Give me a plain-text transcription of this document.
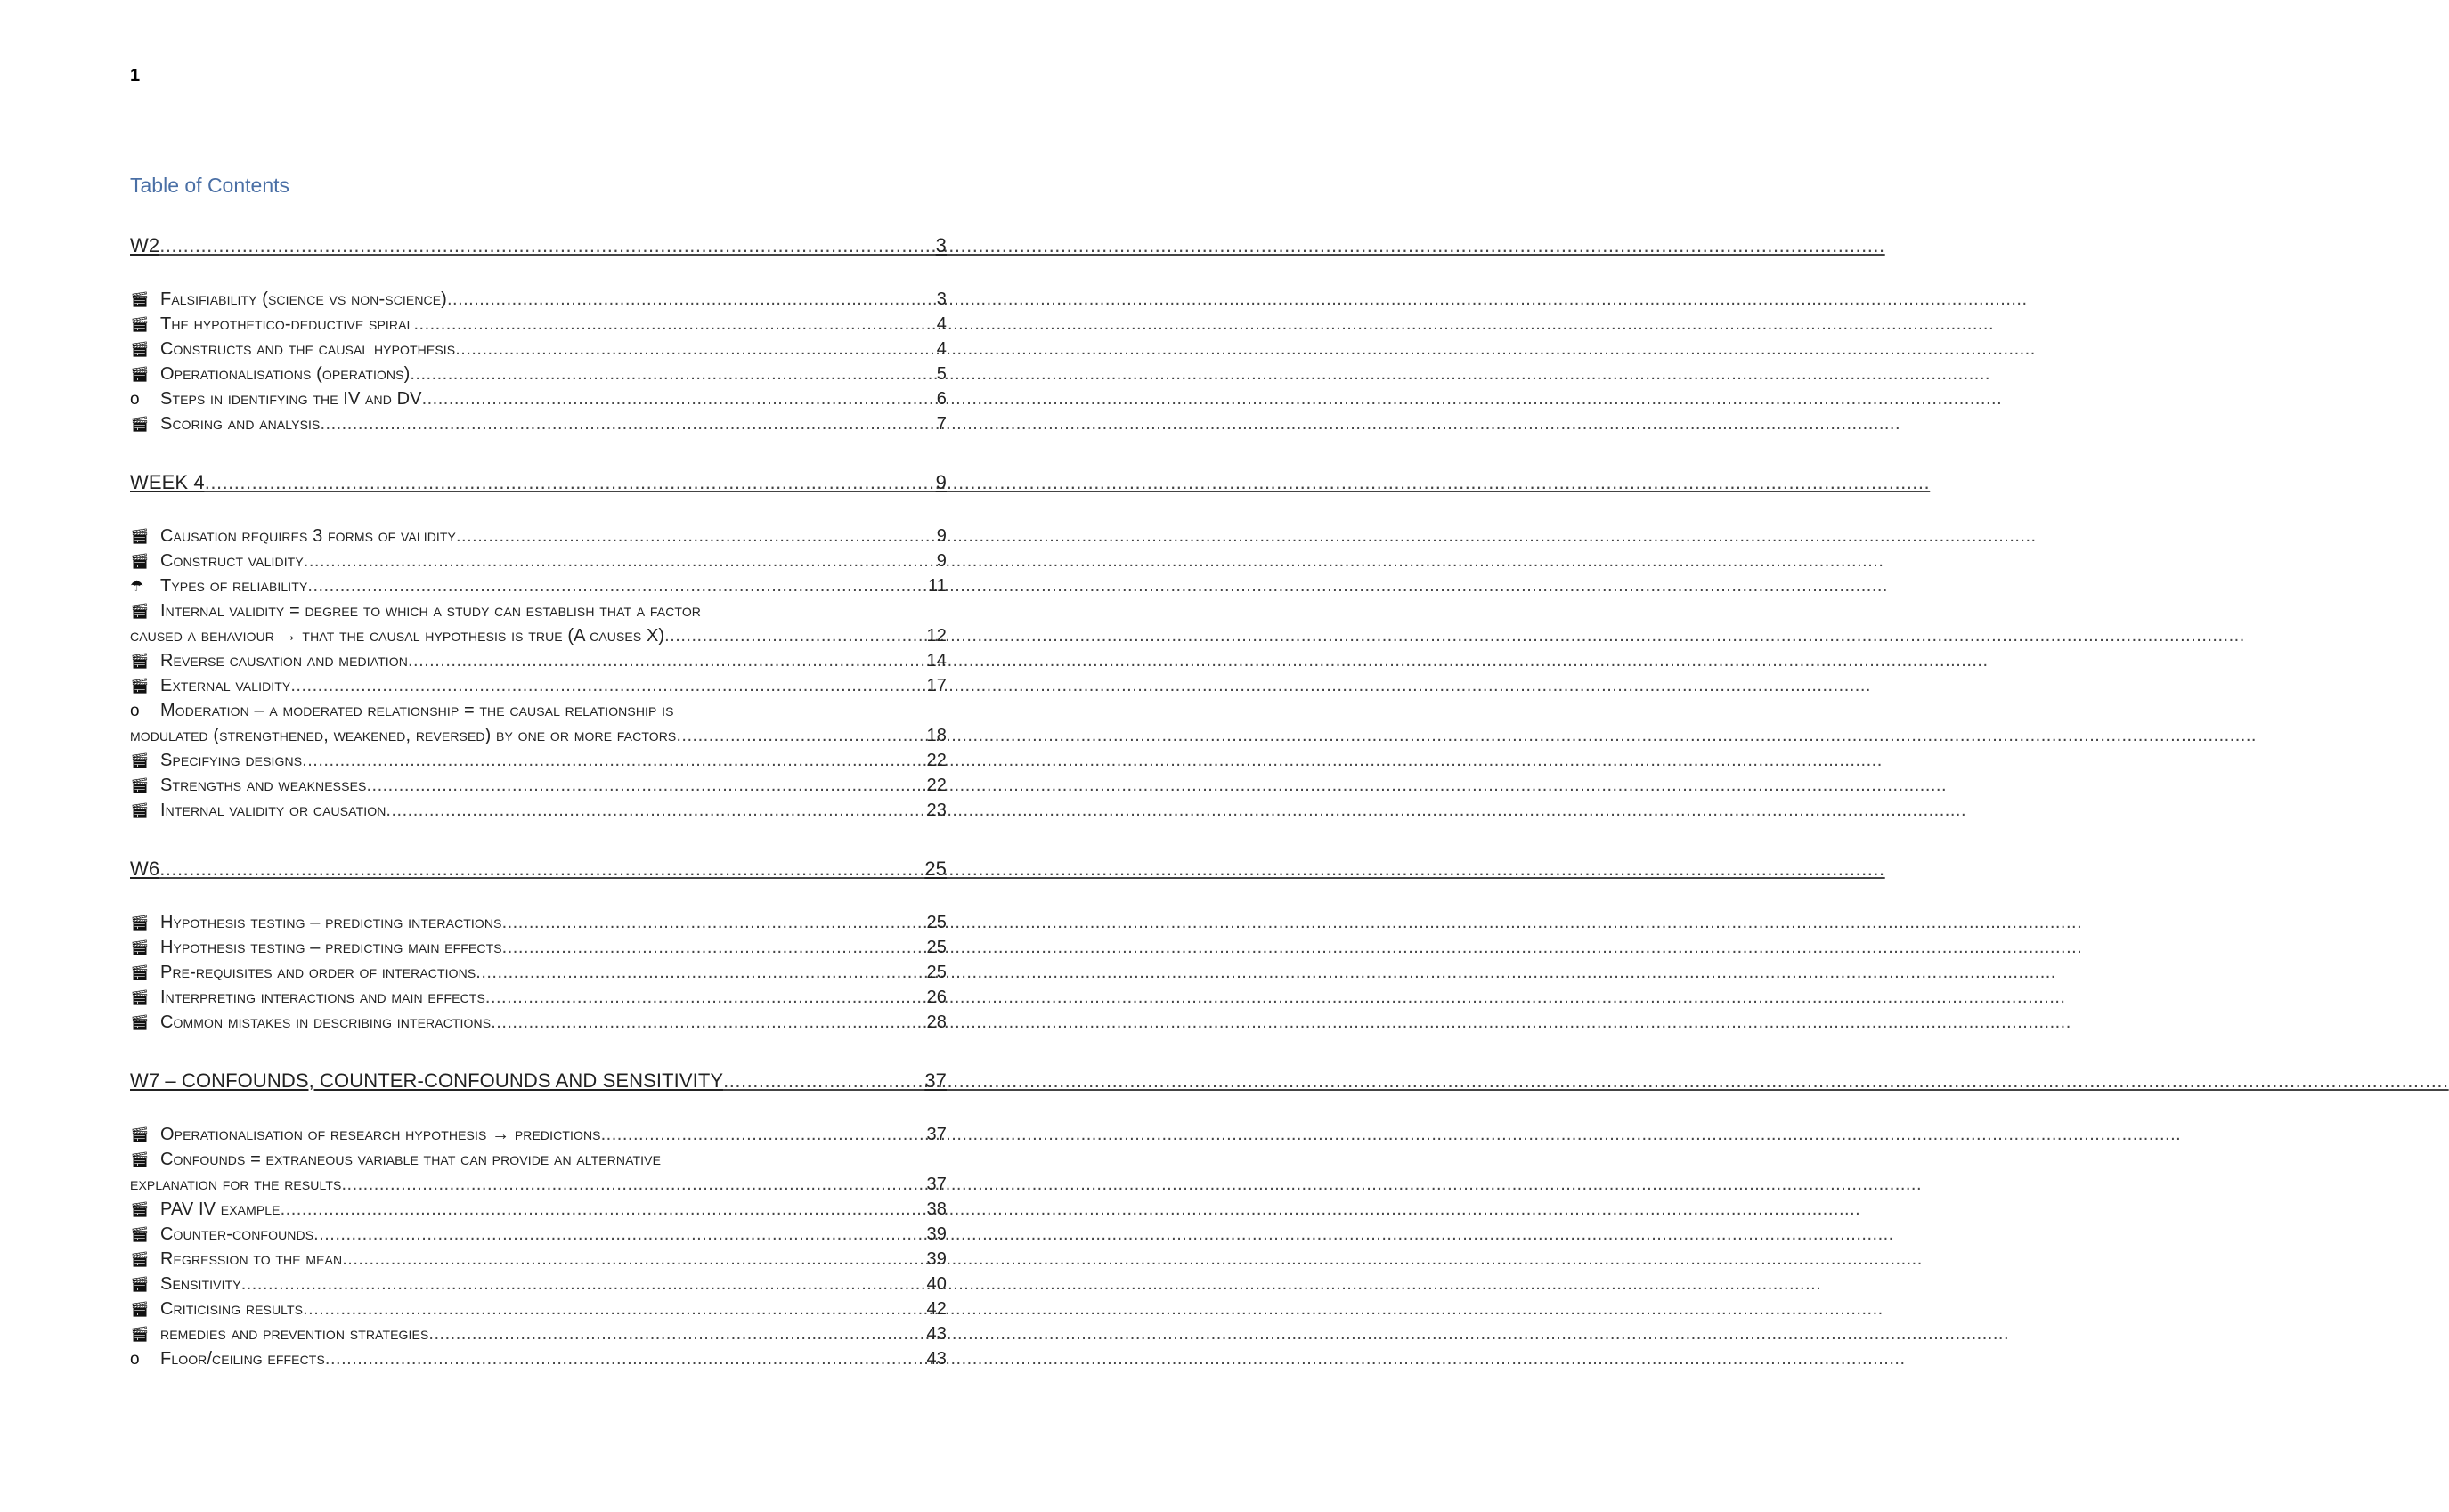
1
Table of Contents
W2 .....	3
🎬︎ Falsifiability (science vs non-science) .....	3
🎬︎ The hypothetico-deductive spiral .....	4
🎬︎ Constructs and the causal hypothesis .....	4
🎬︎ Operationalisations (operations) .....	5
o	Steps in identifying the IV and DV .....	6
🎬︎ Scoring and analysis .....	7
WEEK 4 .....	9
🎬︎ Causation requires 3 forms of validity .....	9
🎬︎ Construct validity .....	9
☂ Types of reliability .....	11
🎬︎ Internal validity = degree to which a study can establish that a factor
caused a behaviour → that the causal hypothesis is true (A causes X) .....	12
🎬︎ Reverse causation and mediation .....	14
🎬︎ External validity .....	17
o	Moderation – a moderated relationship = the causal relationship is
modulated (strengthened, weakened, reversed) by one or more factors .....	18
🎬︎ Specifying designs .....	22
🎬︎ Strengths and weaknesses .....	22
🎬︎ Internal validity or causation .....	23
W6 .....	25
🎬︎ Hypothesis testing – predicting interactions .....	25
🎬︎ Hypothesis testing – predicting main effects .....	25
🎬︎ Pre-requisites and order of interactions .....	25
🎬︎ Interpreting interactions and main effects .....	26
🎬︎ Common mistakes in describing interactions .....	28
W7 – CONFOUNDS, COUNTER-CONFOUNDS AND SENSITIVITY .....	37
🎬︎ Operationalisation of research hypothesis → predictions .....	37
🎬︎ Confounds = extraneous variable that can provide an alternative
explanation for the results .....	37
🎬︎ PAV IV example .....	38
🎬︎ Counter-confounds .....	39
🎬︎ Regression to the mean .....	39
🎬︎ Sensitivity .....	40
🎬︎ Criticising results .....	42
🎬︎ remedies and prevention strategies .....	43
o	Floor/ceiling effects .....	43
